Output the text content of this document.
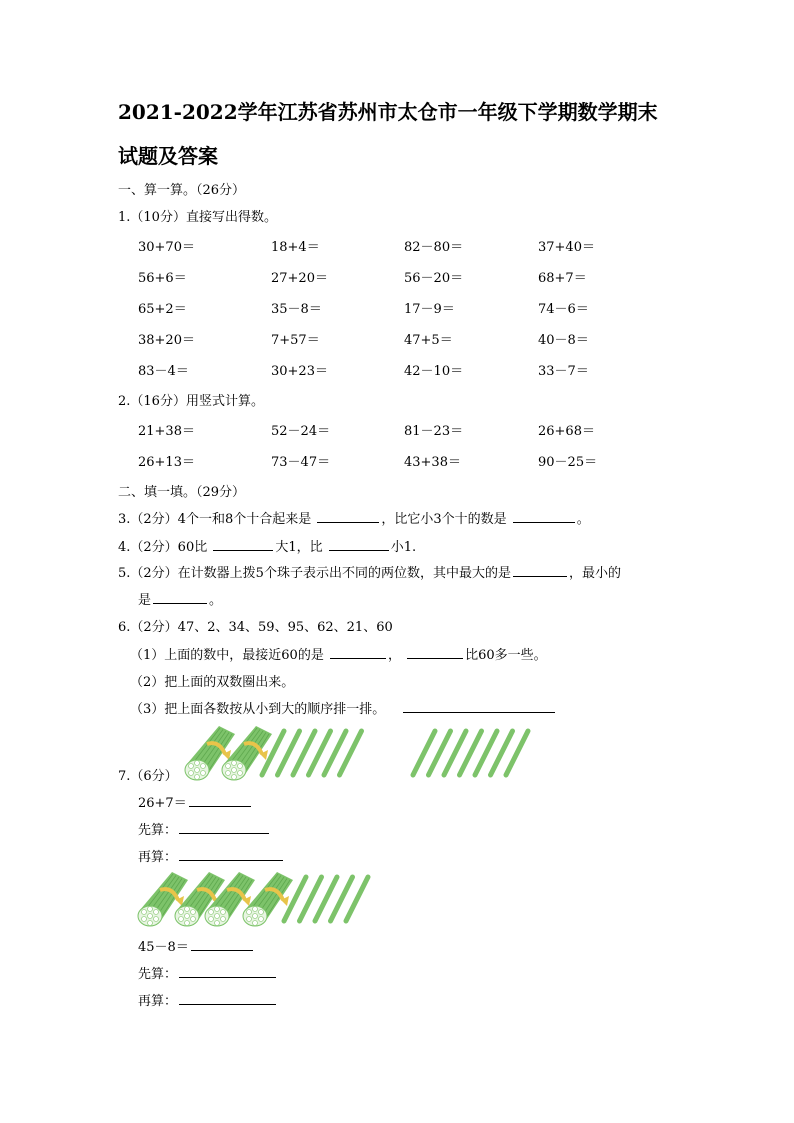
2021-2022学年江苏省苏州市太仓市一年级下学期数学期末
试题及答案
一、算一算。（26分）
1.（10分）直接写出得数。
2.（16分）用竖式计算。
二、填一填。（29分）
3.（2分）4个一和8个十合起来是	，比它小3个十的数是	。
4.（2分）60比	大1，比	小1.
5.（2分）在计数器上拨5个珠子表示出不同的两位数，其中最大的是	，最小的
是	。
6.（2分）47、2、34、59、95、62、21、60
（1）上面的数中，最接近60的是	，	比60多一些。
（2）把上面的双数圈出来。
（3）把上面各数按从小到大的顺序排一排。
7.（6分）
26+7＝
先算：
再算：
45－8＝
先算：
再算：
30+70＝	18+4＝	82－80＝	37+40＝
56+6＝	27+20＝	56－20＝	68+7＝
65+2＝	35－8＝	17－9＝	74－6＝
38+20＝	7+57＝	47+5＝	40－8＝
83－4＝	30+23＝	42－10＝	33－7＝
21+38＝	52－24＝	81－23＝	26+68＝
26+13＝	73－47＝	43+38＝	90－25＝
